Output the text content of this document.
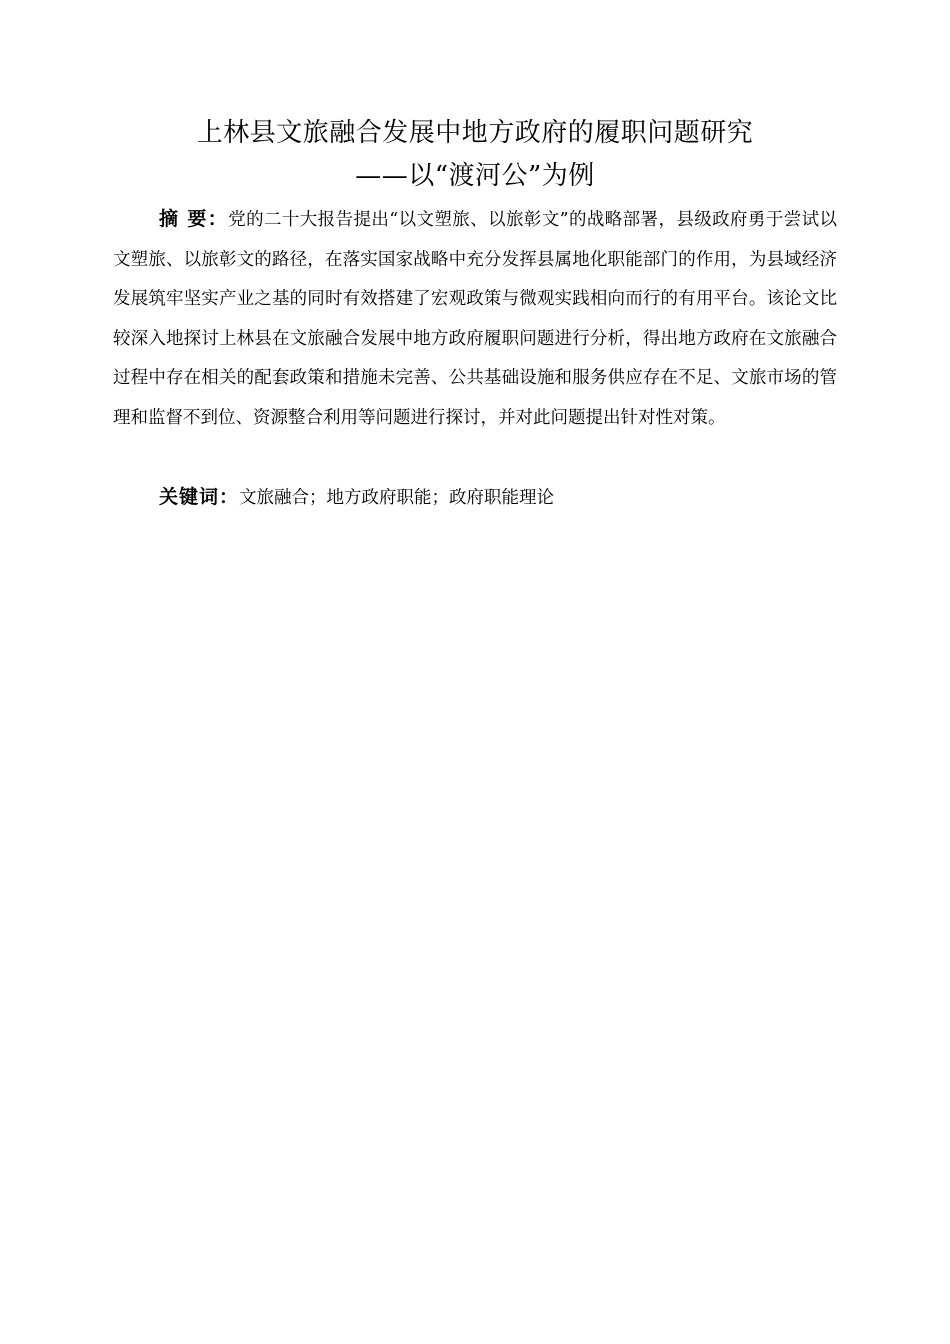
上林县文旅融合发展中地方政府的履职问题研究
——以“渡河公”为例

摘 要：党的二十大报告提出“以文塑旅、以旅彰文”的战略部署，县级政府勇于尝试以文塑旅、以旅彰文的路径，在落实国家战略中充分发挥县属地化职能部门的作用，为县域经济发展筑牢坚实产业之基的同时有效搭建了宏观政策与微观实践相向而行的有用平台。该论文比较深入地探讨上林县在文旅融合发展中地方政府履职问题进行分析，得出地方政府在文旅融合过程中存在相关的配套政策和措施未完善、公共基础设施和服务供应存在不足、文旅市场的管理和监督不到位、资源整合利用等问题进行探讨，并对此问题提出针对性对策。

关键词：文旅融合；地方政府职能；政府职能理论
